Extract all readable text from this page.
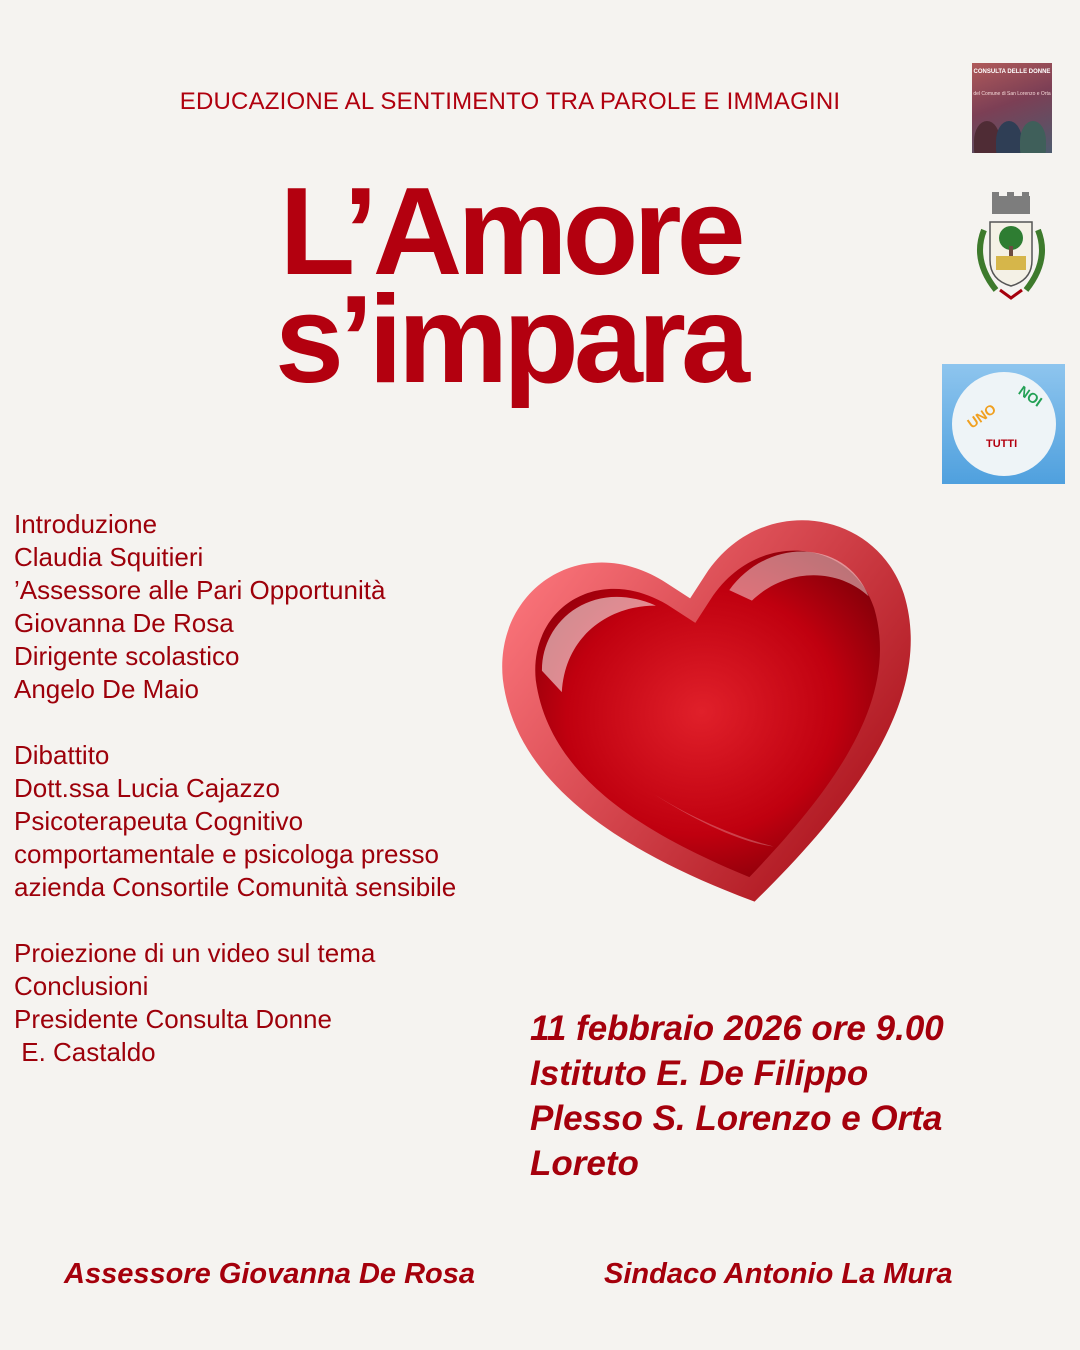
EDUCAZIONE AL SENTIMENTO TRA PAROLE E IMMAGINI
L’Amore
s’impara
CONSULTA DELLE DONNE
del Comune di San Lorenzo e Orta
UNO
NOI
TUTTI
Introduzione
Claudia Squitieri
’Assessore alle Pari Opportunità
Giovanna De Rosa
Dirigente scolastico
Angelo De Maio
Dibattito
Dott.ssa Lucia Cajazzo
Psicoterapeuta Cognitivo
comportamentale e psicologa presso
azienda Consortile Comunità sensibile
Proiezione di un video sul tema
Conclusioni
Presidente Consulta Donne
E. Castaldo
11 febbraio 2026 ore 9.00
Istituto E. De Filippo
Plesso S. Lorenzo e Orta
Loreto
Assessore Giovanna De Rosa	Sindaco Antonio La Mura
